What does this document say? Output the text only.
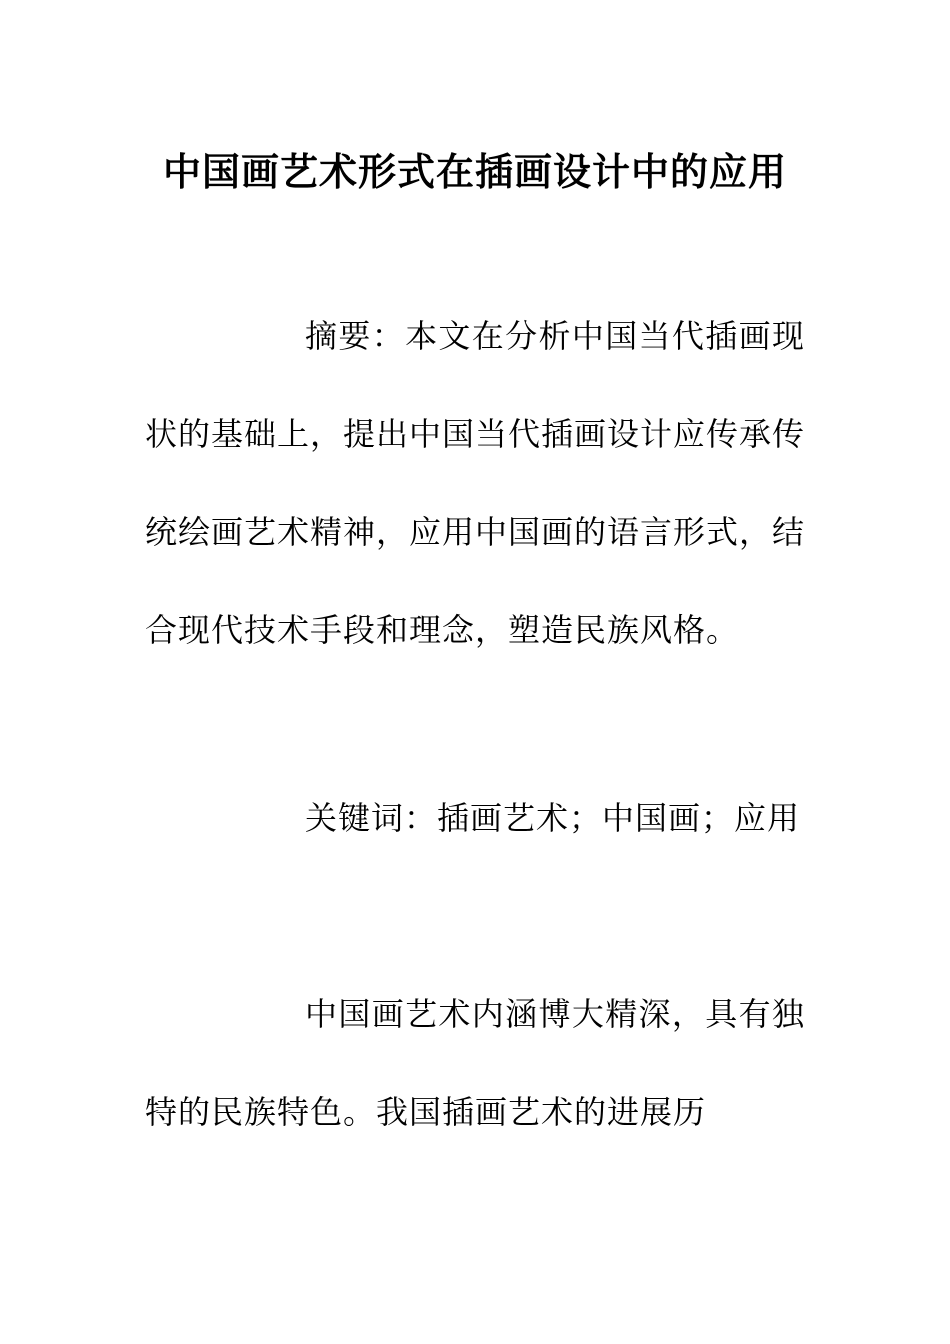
中国画艺术形式在插画设计中的应用

摘要：本文在分析中国当代插画现状的基础上，提出中国当代插画设计应传承传统绘画艺术精神，应用中国画的语言形式，结合现代技术手段和理念，塑造民族风格。

关键词：插画艺术；中国画；应用

中国画艺术内涵博大精深，具有独特的民族特色。我国插画艺术的进展历
